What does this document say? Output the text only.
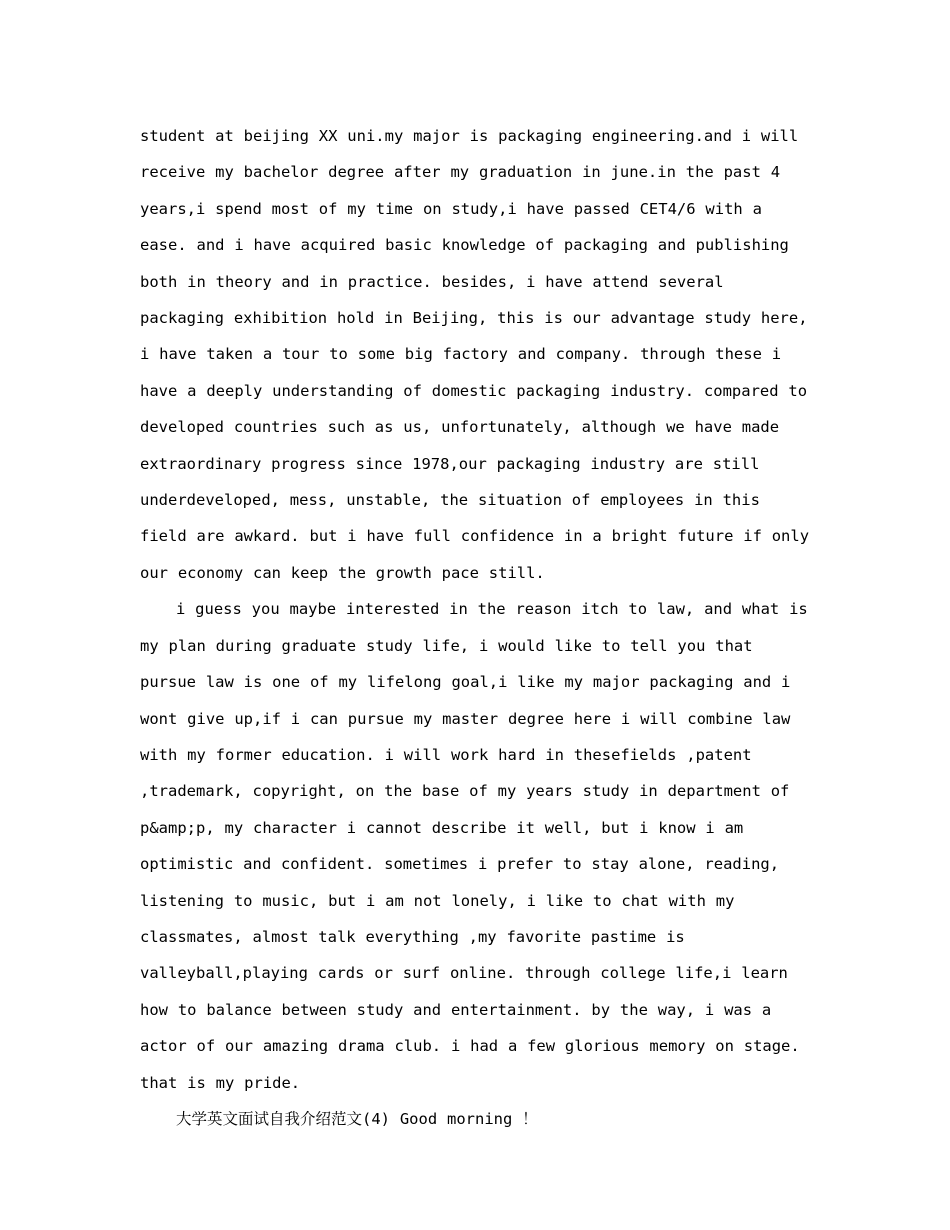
student at beijing XX uni.my major is packaging engineering.and i will receive my bachelor degree after my graduation in june.in the past 4 years,i spend most of my time on study,i have passed CET4/6 with a ease. and i have acquired basic knowledge of packaging and publishing both in theory and in practice. besides, i have attend several packaging exhibition hold in Beijing, this is our advantage study here, i have taken a tour to some big factory and company. through these i have a deeply understanding of domestic packaging industry. compared to developed countries such as us, unfortunately, although we have made extraordinary progress since 1978,our packaging industry are still underdeveloped, mess, unstable, the situation of employees in this field are awkard. but i have full confidence in a bright future if only our economy can keep the growth pace still.

i guess you maybe interested in the reason itch to law, and what is my plan during graduate study life, i would like to tell you that pursue law is one of my lifelong goal,i like my major packaging and i wont give up,if i can pursue my master degree here i will combine law with my former education. i will work hard in thesefields ,patent ,trademark, copyright, on the base of my years study in department of p&amp;p, my character i cannot describe it well, but i know i am optimistic and confident. sometimes i prefer to stay alone, reading, listening to music, but i am not lonely, i like to chat with my classmates, almost talk everything ,my favorite pastime is valleyball,playing cards or surf online. through college life,i learn how to balance between study and entertainment. by the way, i was a actor of our amazing drama club. i had a few glorious memory on stage. that is my pride.

大学英文面试自我介绍范文(4) Good morning ！
